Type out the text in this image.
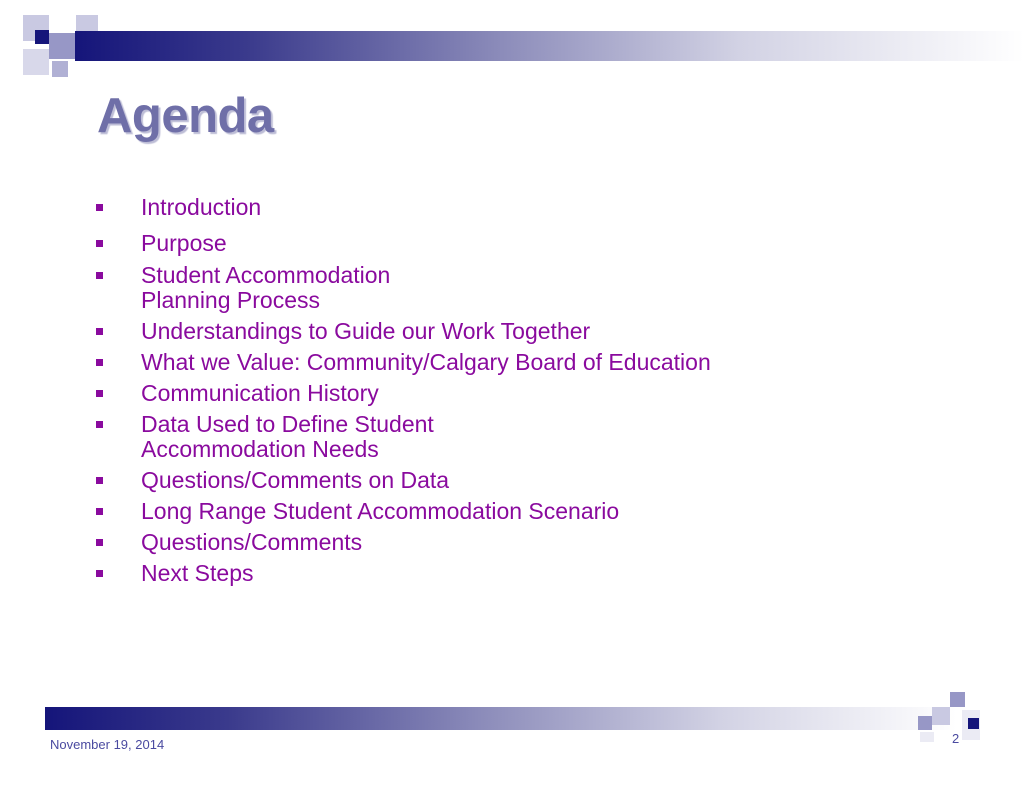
Agenda
Introduction
Purpose
Student Accommodation
Planning Process
Understandings to Guide our Work Together
What we Value: Community/Calgary Board of Education
Communication History
Data Used to Define Student
Accommodation Needs
Questions/Comments on Data
Long Range Student Accommodation Scenario
Questions/Comments
Next Steps
November 19, 2014	2
